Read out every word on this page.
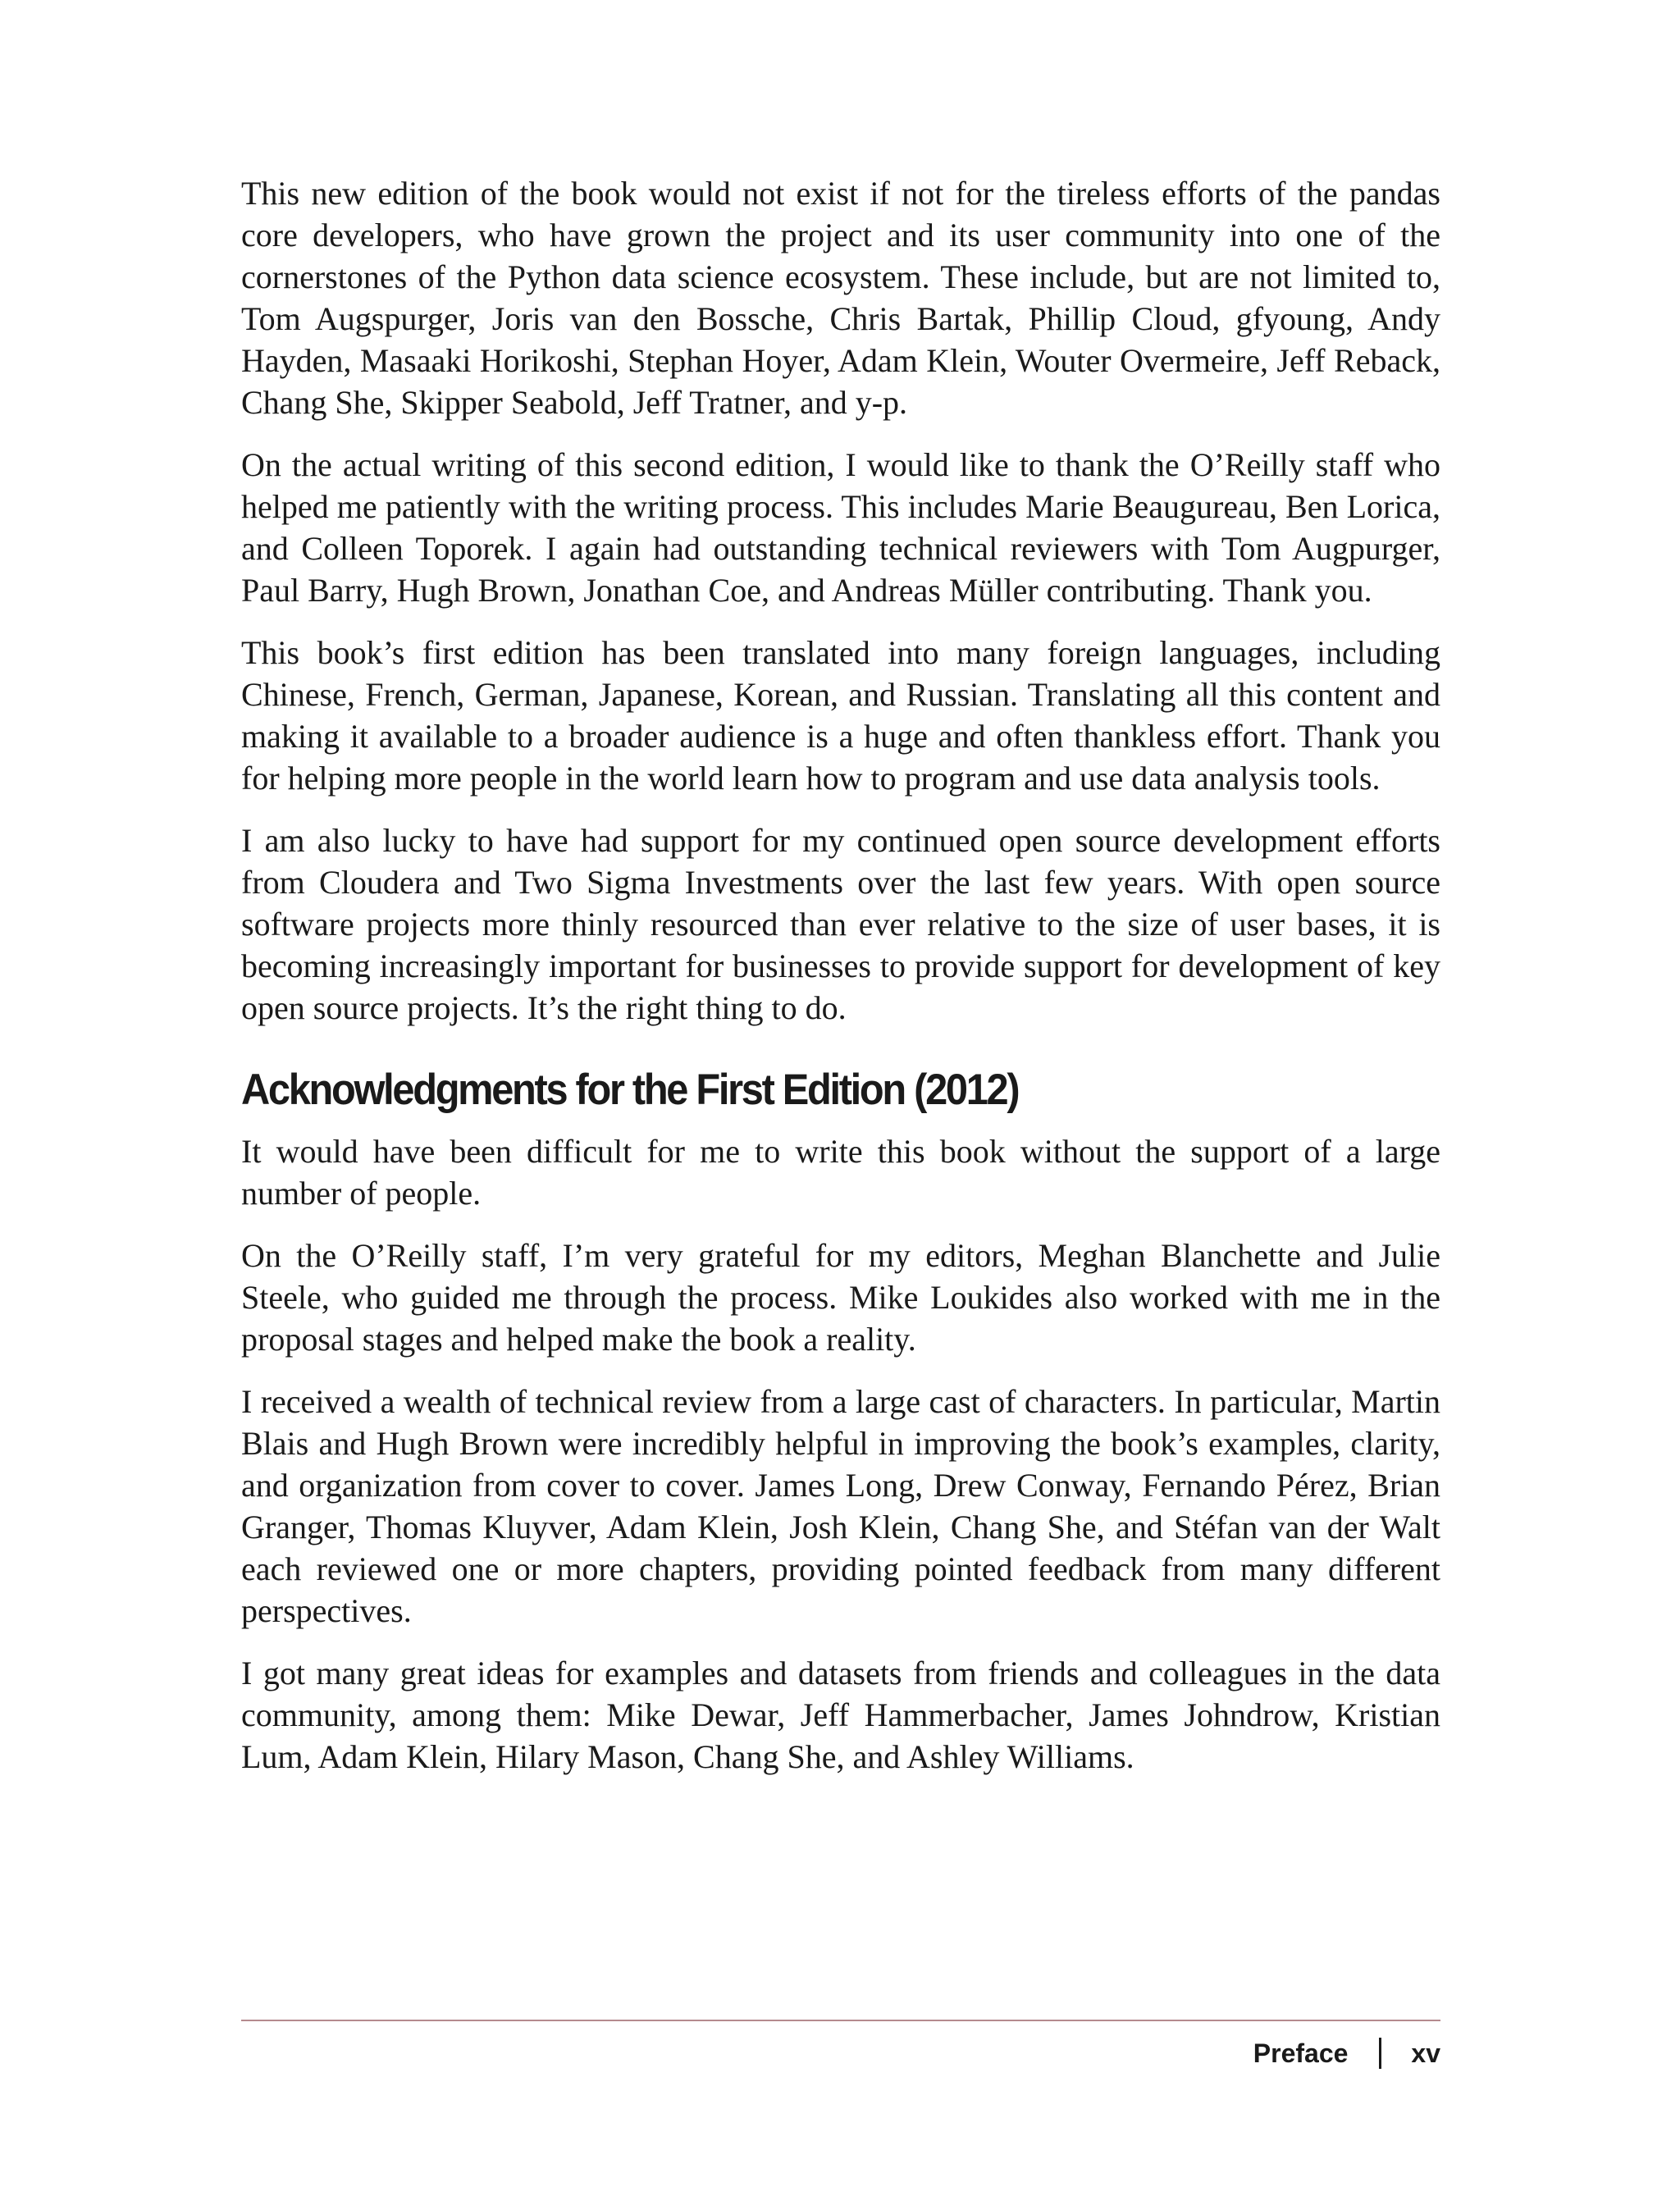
This new edition of the book would not exist if not for the tireless efforts of the pandas core developers, who have grown the project and its user community into one of the cornerstones of the Python data science ecosystem. These include, but are not limited to, Tom Augspurger, Joris van den Bossche, Chris Bartak, Phillip Cloud, gfyoung, Andy Hayden, Masaaki Horikoshi, Stephan Hoyer, Adam Klein, Wouter Overmeire, Jeff Reback, Chang She, Skipper Seabold, Jeff Tratner, and y-p.

On the actual writing of this second edition, I would like to thank the O’Reilly staff who helped me patiently with the writing process. This includes Marie Beaugureau, Ben Lorica, and Colleen Toporek. I again had outstanding technical reviewers with Tom Augpurger, Paul Barry, Hugh Brown, Jonathan Coe, and Andreas Müller contributing. Thank you.

This book’s first edition has been translated into many foreign languages, including Chinese, French, German, Japanese, Korean, and Russian. Translating all this content and making it available to a broader audience is a huge and often thankless effort. Thank you for helping more people in the world learn how to program and use data analysis tools.

I am also lucky to have had support for my continued open source development efforts from Cloudera and Two Sigma Investments over the last few years. With open source software projects more thinly resourced than ever relative to the size of user bases, it is becoming increasingly important for businesses to provide support for development of key open source projects. It’s the right thing to do.

Acknowledgments for the First Edition (2012)

It would have been difficult for me to write this book without the support of a large number of people.

On the O’Reilly staff, I’m very grateful for my editors, Meghan Blanchette and Julie Steele, who guided me through the process. Mike Loukides also worked with me in the proposal stages and helped make the book a reality.

I received a wealth of technical review from a large cast of characters. In particular, Martin Blais and Hugh Brown were incredibly helpful in improving the book’s examples, clarity, and organization from cover to cover. James Long, Drew Conway, Fernando Pérez, Brian Granger, Thomas Kluyver, Adam Klein, Josh Klein, Chang She, and Stéfan van der Walt each reviewed one or more chapters, providing pointed feedback from many different perspectives.

I got many great ideas for examples and datasets from friends and colleagues in the data community, among them: Mike Dewar, Jeff Hammerbacher, James Johndrow, Kristian Lum, Adam Klein, Hilary Mason, Chang She, and Ashley Williams.

Preface xv
